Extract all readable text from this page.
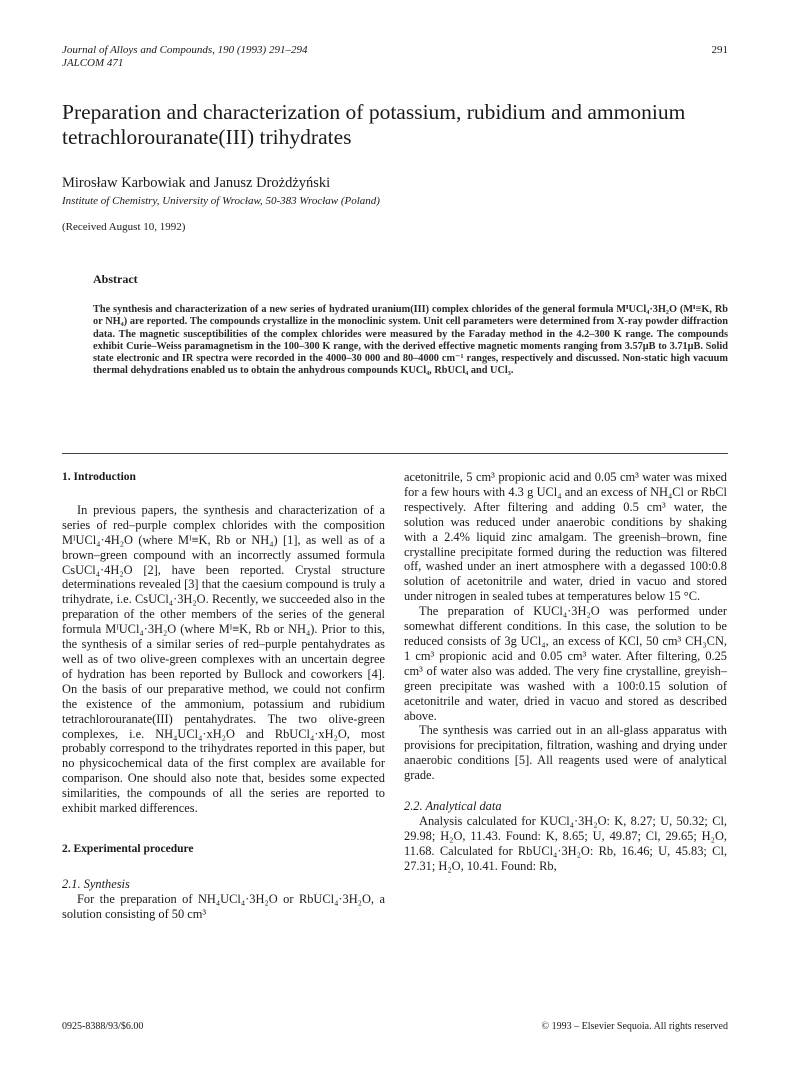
Journal of Alloys and Compounds, 190 (1993) 291–294
JALCOM 471
291
Preparation and characterization of potassium, rubidium and ammonium tetrachlorouranate(III) trihydrates
Mirosław Karbowiak and Janusz Drożdżyński
Institute of Chemistry, University of Wrocław, 50-383 Wrocław (Poland)
(Received August 10, 1992)
Abstract
The synthesis and characterization of a new series of hydrated uranium(III) complex chlorides of the general formula MᴵUCl₄·3H₂O (Mᴵ≡K, Rb or NH₄) are reported. The compounds crystallize in the monoclinic system. Unit cell parameters were determined from X-ray powder diffraction data. The magnetic susceptibilities of the complex chlorides were measured by the Faraday method in the 4.2–300 K range. The compounds exhibit Curie–Weiss paramagnetism in the 100–300 K range, with the derived effective magnetic moments ranging from 3.57μB to 3.71μB. Solid state electronic and IR spectra were recorded in the 4000–30 000 and 80–4000 cm⁻¹ ranges, respectively and discussed. Non-static high vacuum thermal dehydrations enabled us to obtain the anhydrous compounds KUCl₄, RbUCl₄ and UCl₃.

1. Introduction

In previous papers, the synthesis and characterization of a series of red–purple complex chlorides with the composition MᴵUCl₄·4H₂O (where Mᴵ≡K, Rb or NH₄) [1], as well as of a brown–green compound with an incorrectly assumed formula CsUCl₄·4H₂O [2], have been reported. Crystal structure determinations revealed [3] that the caesium compound is truly a trihydrate, i.e. CsUCl₄·3H₂O. Recently, we succeeded also in the preparation of the other members of the series of the general formula MᴵUCl₄·3H₂O (where Mᴵ≡K, Rb or NH₄). Prior to this, the synthesis of a similar series of red–purple pentahydrates as well as of two olive-green complexes with an uncertain degree of hydration has been reported by Bullock and coworkers [4]. On the basis of our preparative method, we could not confirm the existence of the ammonium, potassium and rubidium tetrachlorouranate(III) pentahydrates. The two olive-green complexes, i.e. NH₄UCl₄·xH₂O and RbUCl₄·xH₂O, most probably correspond to the trihydrates reported in this paper, but no physicochemical data of the first complex are available for comparison. One should also note that, besides some expected similarities, the compounds of all the series are reported to exhibit marked differences.

2. Experimental procedure

2.1. Synthesis

For the preparation of NH₄UCl₄·3H₂O or RbUCl₄·3H₂O, a solution consisting of 50 cm³

acetonitrile, 5 cm³ propionic acid and 0.05 cm³ water was mixed for a few hours with 4.3 g UCl₄ and an excess of NH₄Cl or RbCl respectively. After filtering and adding 0.5 cm³ water, the solution was reduced under anaerobic conditions by shaking with a 2.4% liquid zinc amalgam. The greenish–brown, fine crystalline precipitate formed during the reduction was filtered off, washed under an inert atmosphere with a degassed 100:0.8 solution of acetonitrile and water, dried in vacuo and stored under nitrogen in sealed tubes at temperatures below 15 °C.

The preparation of KUCl₄·3H₂O was performed under somewhat different conditions. In this case, the solution to be reduced consists of 3g UCl₄, an excess of KCl, 50 cm³ CH₃CN, 1 cm³ propionic acid and 0.05 cm³ water. After filtering, 0.25 cm³ of water also was added. The very fine crystalline, greyish–green precipitate was washed with a 100:0.15 solution of acetonitrile and water, dried in vacuo and stored as described above.

The synthesis was carried out in an all-glass apparatus with provisions for precipitation, filtration, washing and drying under anaerobic conditions [5]. All reagents used were of analytical grade.

2.2. Analytical data

Analysis calculated for KUCl₄·3H₂O: K, 8.27; U, 50.32; Cl, 29.98; H₂O, 11.43. Found: K, 8.65; U, 49.87; Cl, 29.65; H₂O, 11.68. Calculated for RbUCl₄·3H₂O: Rb, 16.46; U, 45.83; Cl, 27.31; H₂O, 10.41. Found: Rb,

0925-8388/93/$6.00	© 1993 – Elsevier Sequoia. All rights reserved
